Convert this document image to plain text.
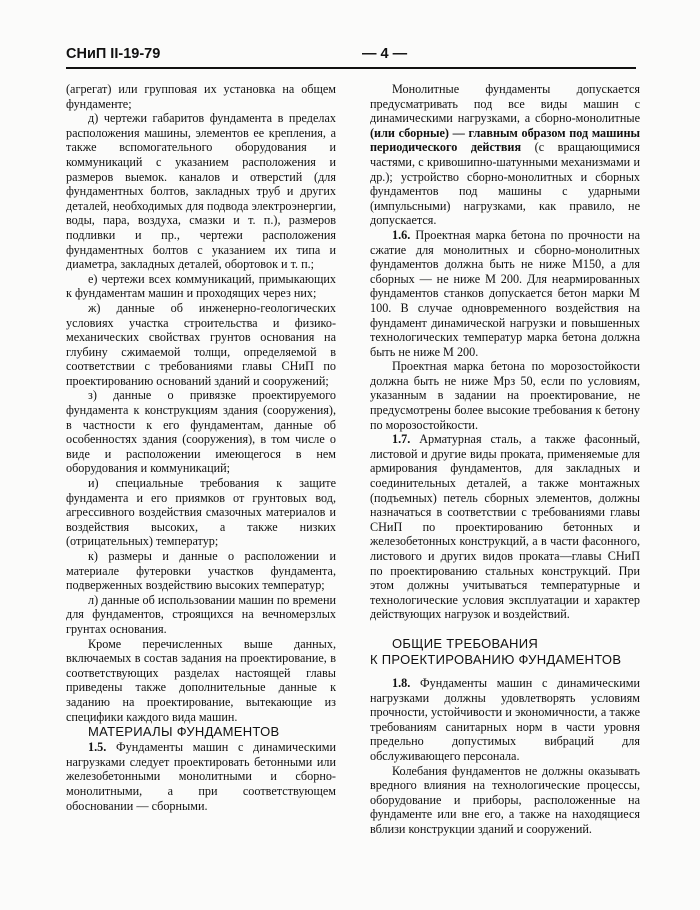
СНиП II-19-79	— 4 —

(агрегат) или групповая их установка на общем фундаменте;

д) чертежи габаритов фундамента в пределах расположения машины, элементов ее крепления, а также вспомогательного оборудования и коммуникаций с указанием расположения и размеров выемок. каналов и отверстий (для фундаментных болтов, закладных труб и других деталей, необходимых для подвода электроэнергии, воды, пара, воздуха, смазки и т. п.), размеров подливки и пр., чертежи расположения фундаментных болтов с указанием их типа и диаметра, закладных деталей, обортовок и т. п.;

е) чертежи всех коммуникаций, примыкающих к фундаментам машин и проходящих через них;

ж) данные об инженерно-геологических условиях участка строительства и физико-механических свойствах грунтов основания на глубину сжимаемой толщи, определяемой в соответствии с требованиями главы СНиП по проектированию оснований зданий и сооружений;

з) данные о привязке проектируемого фундамента к конструкциям здания (сооружения), в частности к его фундаментам, данные об особенностях здания (сооружения), в том числе о виде и расположении имеющегося в нем оборудования и коммуникаций;

и) специальные требования к защите фундамента и его приямков от грунтовых вод, агрессивного воздействия смазочных материалов и воздействия высоких, а также низких (отрицательных) температур;

к) размеры и данные о расположении и материале футеровки участков фундамента, подверженных воздействию высоких температур;

л) данные об использовании машин по времени для фундаментов, строящихся на вечномерзлых грунтах основания.

Кроме перечисленных выше данных, включаемых в состав задания на проектирование, в соответствующих разделах настоящей главы приведены также дополнительные данные к заданию на проектирование, вытекающие из специфики каждого вида машин.

МАТЕРИАЛЫ ФУНДАМЕНТОВ

1.5. Фундаменты машин с динамическими нагрузками следует проектировать бетонными или железобетонными монолитными и сборно-монолитными, а при соответствующем обосновании — сборными.

Монолитные фундаменты допускается предусматривать под все виды машин с динамическими нагрузками, а сборно-монолитные (или сборные) — главным образом под машины периодического действия (с вращающимися частями, с кривошипно-шатунными механизмами и др.); устройство сборно-монолитных и сборных фундаментов под машины с ударными (импульсными) нагрузками, как правило, не допускается.

1.6. Проектная марка бетона по прочности на сжатие для монолитных и сборно-монолитных фундаментов должна быть не ниже М150, а для сборных — не ниже М 200. Для неармированных фундаментов станков допускается бетон марки М 100. В случае одновременного воздействия на фундамент динамической нагрузки и повышенных технологических температур марка бетона должна быть не ниже М 200.

Проектная марка бетона по морозостойкости должна быть не ниже Мрз 50, если по условиям, указанным в задании на проектирование, не предусмотрены более высокие требования к бетону по морозостойкости.

1.7. Арматурная сталь, а также фасонный, листовой и другие виды проката, применяемые для армирования фундаментов, для закладных и соединительных деталей, а также монтажных (подъемных) петель сборных элементов, должны назначаться в соответствии с требованиями главы СНиП по проектированию бетонных и железобетонных конструкций, а в части фасонного, листового и других видов проката—главы СНиП по проектированию стальных конструкций. При этом должны учитываться температурные и технологические условия эксплуатации и характер действующих нагрузок и воздействий.

ОБЩИЕ ТРЕБОВАНИЯ
К ПРОЕКТИРОВАНИЮ ФУНДАМЕНТОВ

1.8. Фундаменты машин с динамическими нагрузками должны удовлетворять условиям прочности, устойчивости и экономичности, а также требованиям санитарных норм в части уровня предельно допустимых вибраций для обслуживающего персонала.

Колебания фундаментов не должны оказывать вредного влияния на технологические процессы, оборудование и приборы, расположенные на фундаменте или вне его, а также на находящиеся вблизи конструкции зданий и сооружений.
